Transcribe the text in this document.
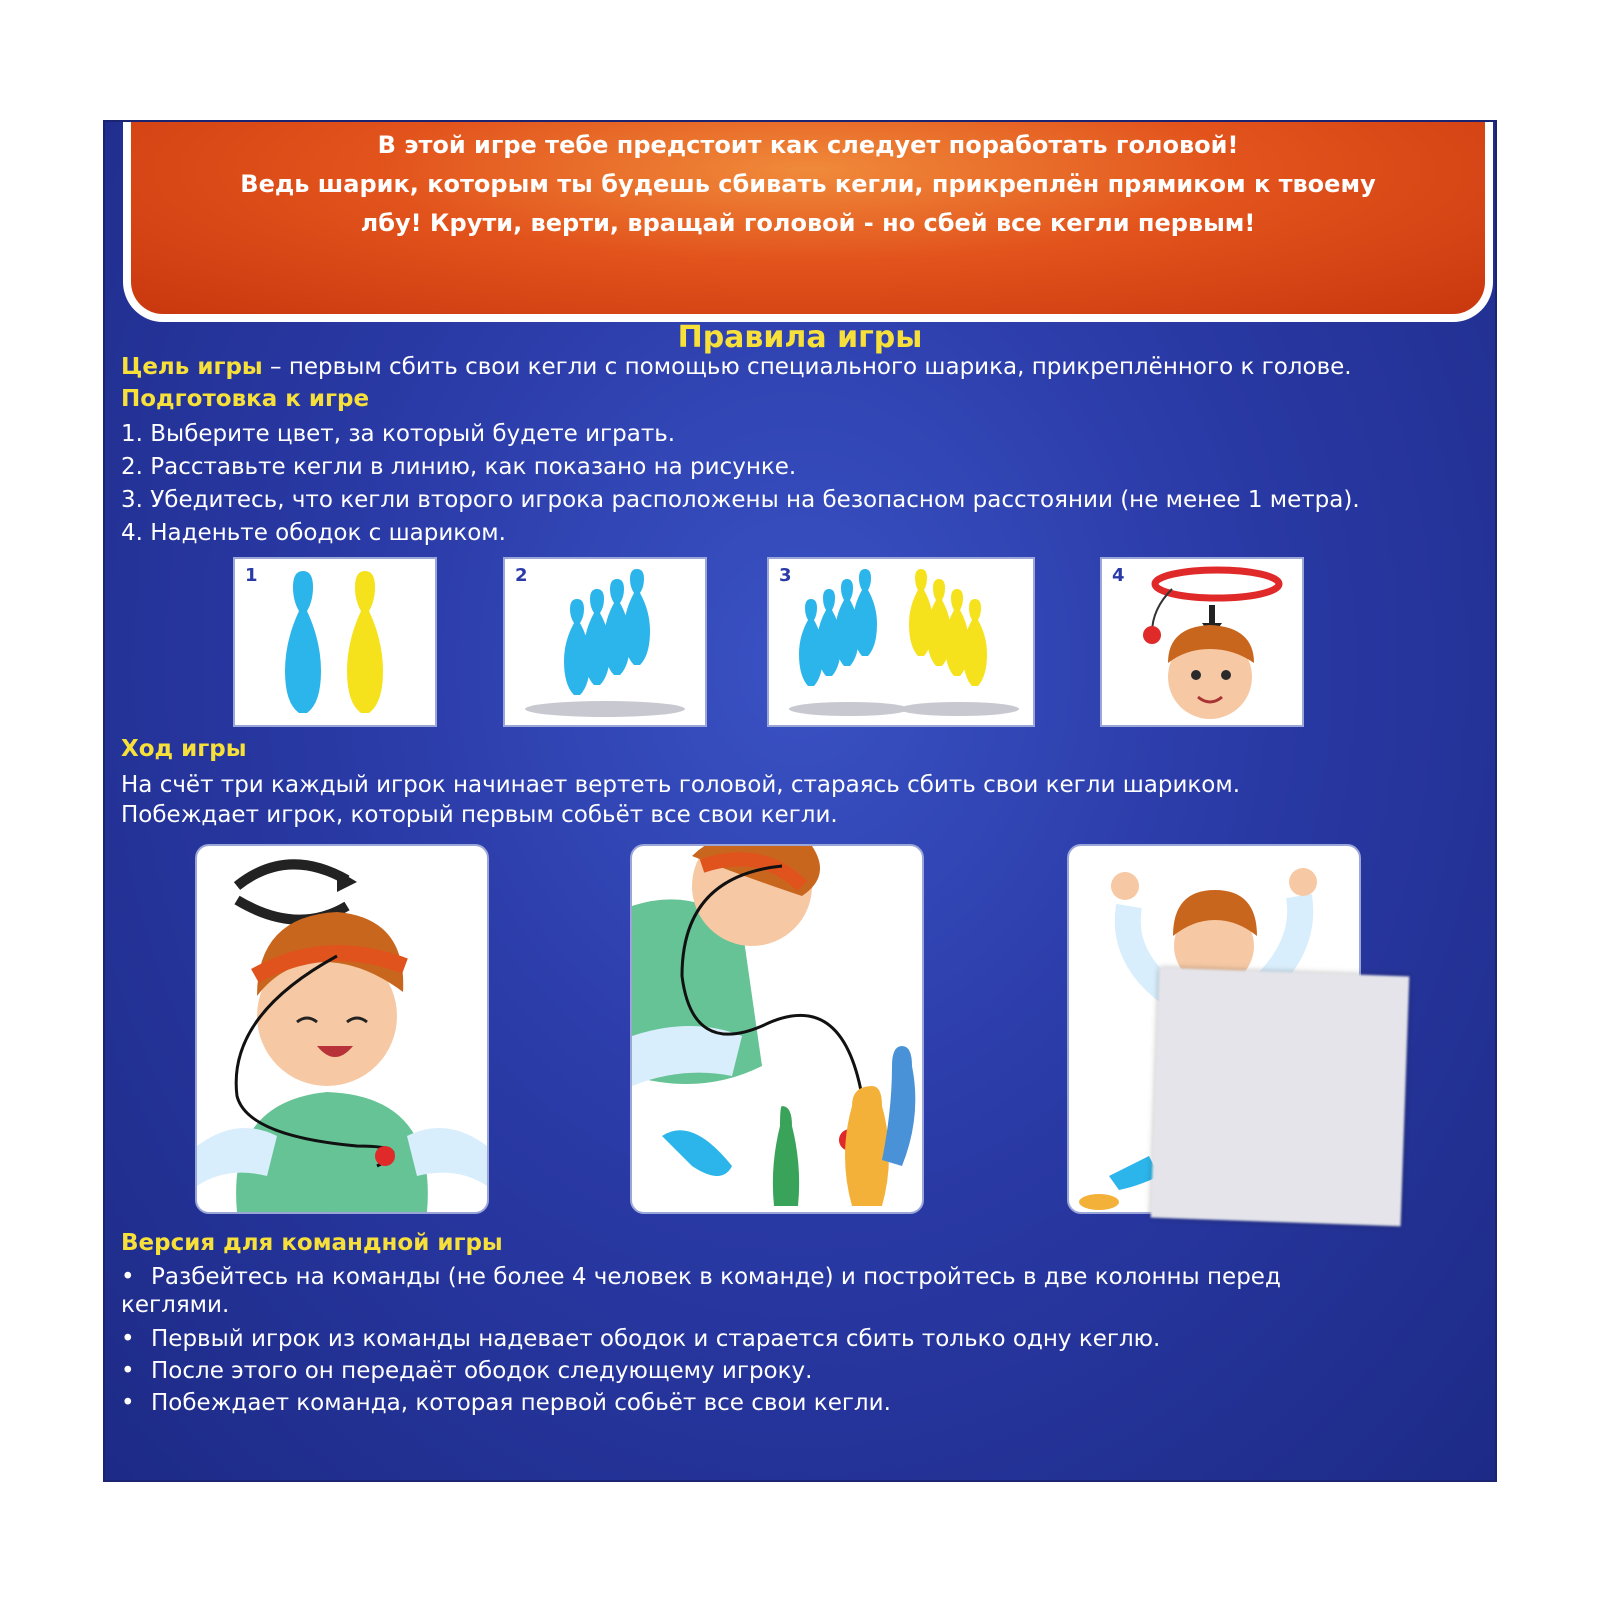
В этой игре тебе предстоит как следует поработать головой!
Ведь шарик, которым ты будешь сбивать кегли, прикреплён прямиком к твоему
лбу! Крути, верти, вращай головой - но сбей все кегли первым!
Правила игры
Цель игры – первым сбить свои кегли с помощью специального шарика, прикреплённого к голове.
Подготовка к игре
1. Выберите цвет, за который будете играть.
2. Расставьте кегли в линию, как показано на рисунке.
3. Убедитесь, что кегли второго игрока расположены на безопасном расстоянии (не менее 1 метра).
4. Наденьте ободок с шариком.
1	2	3	4
Ход игры
На счёт три каждый игрок начинает вертеть головой, стараясь сбить свои кегли шариком.
Побеждает игрок, который первым собьёт все свои кегли.
Версия для командной игры
• Разбейтесь на команды (не более 4 человек в команде) и постройтесь в две колонны перед
кеглями.
• Первый игрок из команды надевает ободок и старается сбить только одну кеглю.
• После этого он передаёт ободок следующему игроку.
• Побеждает команда, которая первой собьёт все свои кегли.
